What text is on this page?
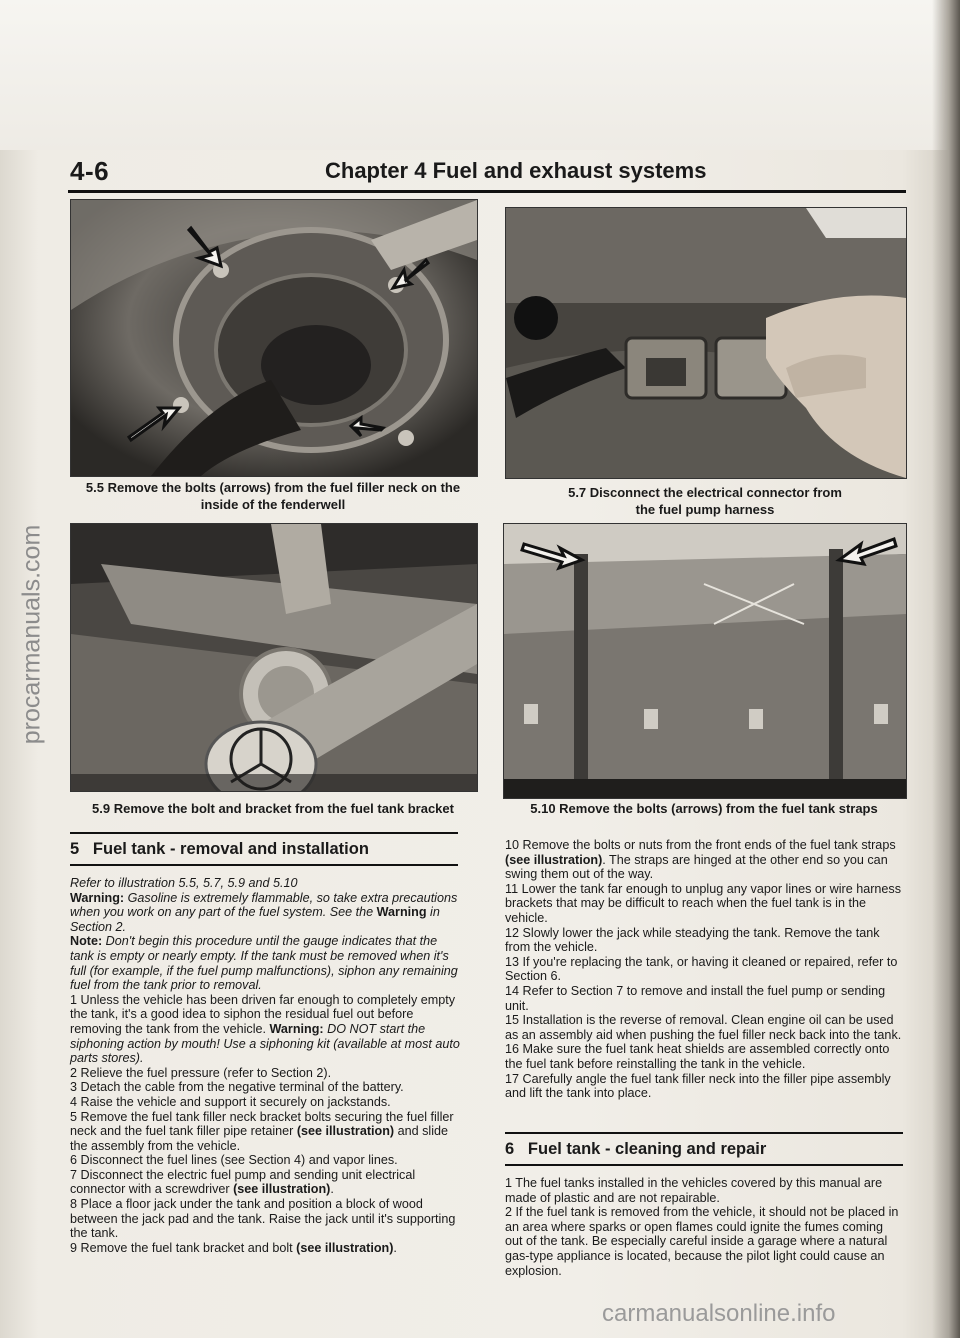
4-6	Chapter 4 Fuel and exhaust systems
5.5 Remove the bolts (arrows) from the fuel filler neck on the
inside of the fenderwell
5.7 Disconnect the electrical connector from
the fuel pump harness
5.9 Remove the bolt and bracket from the fuel tank bracket	5.10 Remove the bolts (arrows) from the fuel tank straps
5   Fuel tank - removal and installation

Refer to illustration 5.5, 5.7, 5.9 and 5.10

Warning: Gasoline is extremely flammable, so take extra precautions when you work on any part of the fuel system. See the Warning in Section 2.

Note: Don't begin this procedure until the gauge indicates that the tank is empty or nearly empty. If the tank must be removed when it's full (for example, if the fuel pump malfunctions), siphon any remaining fuel from the tank prior to removal.

1 Unless the vehicle has been driven far enough to completely empty the tank, it's a good idea to siphon the residual fuel out before removing the tank from the vehicle. Warning: DO NOT start the siphoning action by mouth! Use a siphoning kit (available at most auto parts stores).

2 Relieve the fuel pressure (refer to Section 2).

3 Detach the cable from the negative terminal of the battery.

4 Raise the vehicle and support it securely on jackstands.

5 Remove the fuel tank filler neck bracket bolts securing the fuel filler neck and the fuel tank filler pipe retainer (see illustration) and slide the assembly from the vehicle.

6 Disconnect the fuel lines (see Section 4) and vapor lines.

7 Disconnect the electric fuel pump and sending unit electrical connector with a screwdriver (see illustration).

8 Place a floor jack under the tank and position a block of wood between the jack pad and the tank. Raise the jack until it's supporting the tank.

9 Remove the fuel tank bracket and bolt (see illustration).

10 Remove the bolts or nuts from the front ends of the fuel tank straps (see illustration). The straps are hinged at the other end so you can swing them out of the way.

11 Lower the tank far enough to unplug any vapor lines or wire harness brackets that may be difficult to reach when the fuel tank is in the vehicle.

12 Slowly lower the jack while steadying the tank. Remove the tank from the vehicle.

13 If you're replacing the tank, or having it cleaned or repaired, refer to Section 6.

14 Refer to Section 7 to remove and install the fuel pump or sending unit.

15 Installation is the reverse of removal. Clean engine oil can be used as an assembly aid when pushing the fuel filler neck back into the tank.

16 Make sure the fuel tank heat shields are assembled correctly onto the fuel tank before reinstalling the tank in the vehicle.

17 Carefully angle the fuel tank filler neck into the filler pipe assembly and lift the tank into place.

6   Fuel tank - cleaning and repair

1 The fuel tanks installed in the vehicles covered by this manual are made of plastic and are not repairable.

2 If the fuel tank is removed from the vehicle, it should not be placed in an area where sparks or open flames could ignite the fumes coming out of the tank. Be especially careful inside a garage where a natural gas-type appliance is located, because the pilot light could cause an explosion.

procarmanuals.com
carmanualsonline.info
